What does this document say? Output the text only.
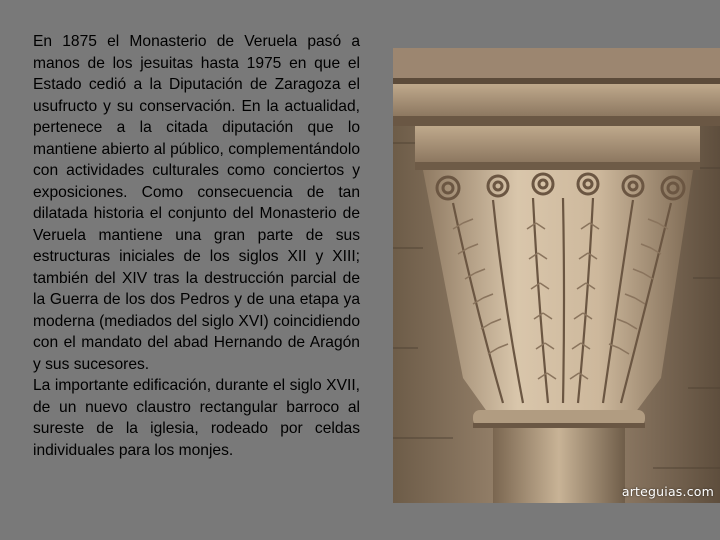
En 1875 el Monasterio de Veruela pasó a manos de los jesuitas hasta 1975 en que el Estado cedió a la Diputación de Zaragoza el usufructo y su conservación. En la actualidad, pertenece a la citada diputación que lo mantiene abierto al público, complementándolo con actividades culturales como conciertos y exposiciones. Como consecuencia de tan dilatada historia el conjunto del Monasterio de Veruela mantiene una gran parte de sus estructuras iniciales de los siglos XII y XIII; también del XIV tras la destrucción parcial de la Guerra de los dos Pedros y de una etapa ya moderna (mediados del siglo XVI) coincidiendo con el mandato del abad Hernando de Aragón y sus sucesores.

La importante edificación, durante el siglo XVII, de un nuevo claustro rectangular barroco al sureste de la iglesia, rodeado por celdas individuales para los monjes.

arteguias.com
